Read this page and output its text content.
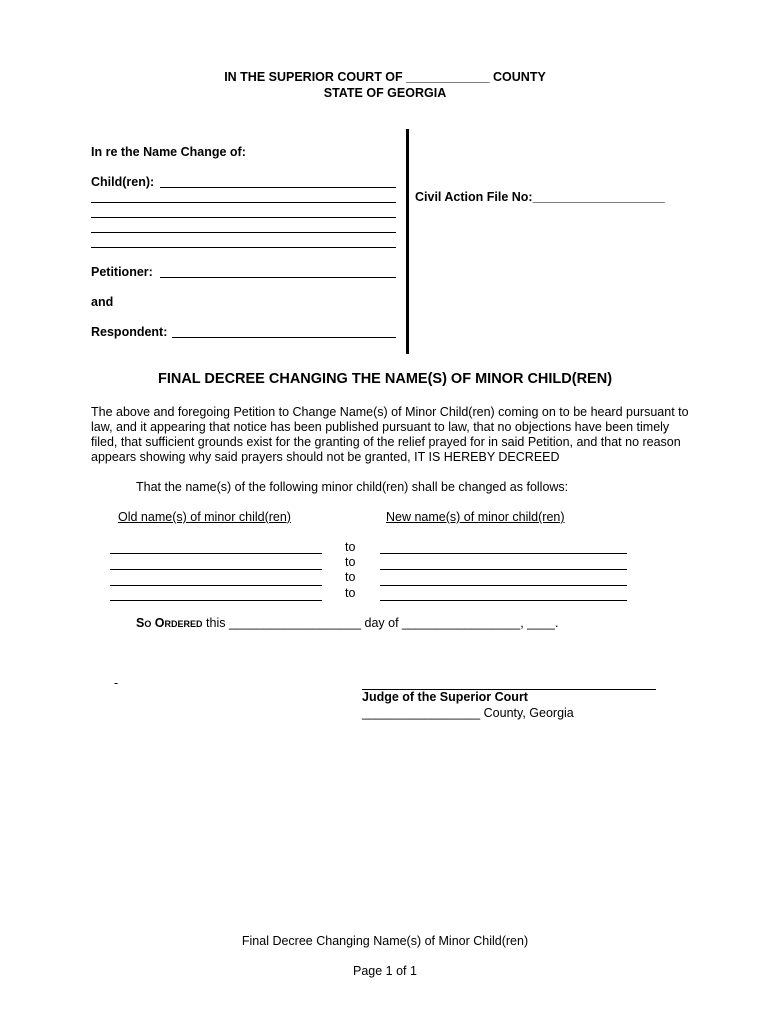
IN THE SUPERIOR COURT OF ____________ COUNTY
STATE OF GEORGIA
In re the Name Change of:
Child(ren):
Petitioner:
and
Respondent:
Civil Action File No:___________________
FINAL DECREE CHANGING THE NAME(S) OF MINOR CHILD(REN)
The above and foregoing Petition to Change Name(s) of Minor Child(ren) coming on to be heard pursuant to law, and it appearing that notice has been published pursuant to law, that no objections have been timely filed, that sufficient grounds exist for the granting of the relief prayed for in said Petition, and that no reason appears showing why said prayers should not be granted, IT IS HEREBY DECREED
That the name(s) of the following minor child(ren) shall be changed as follows:
Old name(s) of minor child(ren)	New name(s) of minor child(ren)
to
to
to
to
So Ordered this ___________________ day of _________________, ____.
-
Judge of the Superior Court
_________________ County, Georgia
Final Decree Changing Name(s) of Minor Child(ren)
Page 1 of 1
